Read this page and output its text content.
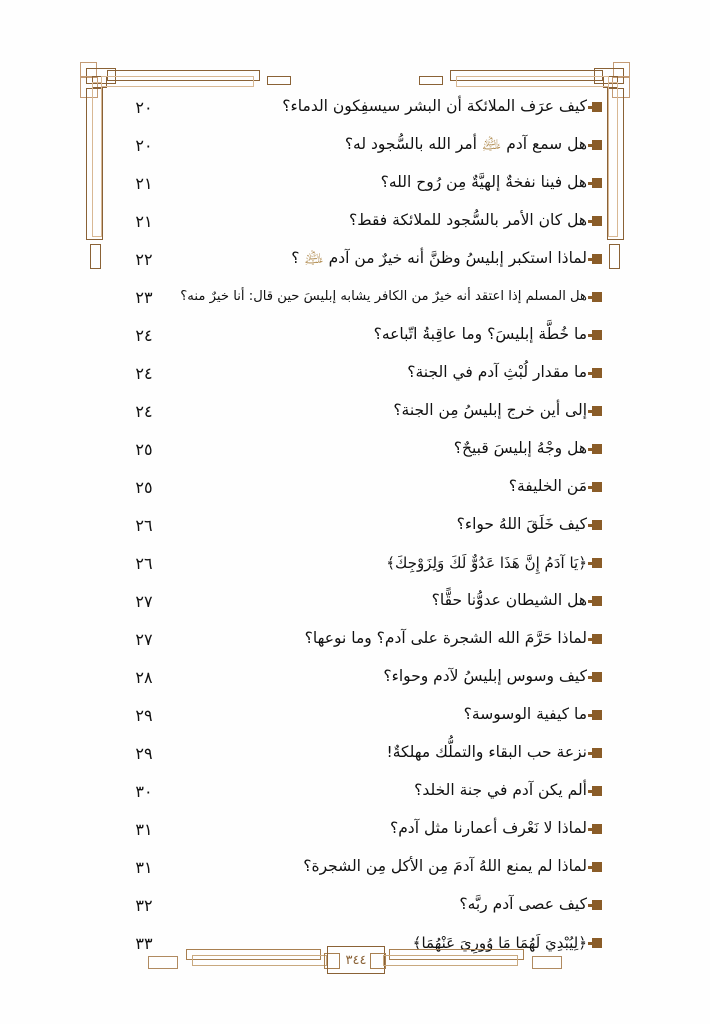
كيف عرَف الملائكة أن البشر سيسفِكون الدماء؟
٢٠
هل سمع آدم ﵇ أمر الله بالسُّجود له؟
٢٠
هل فينا نفخةٌ إلهيَّةٌ مِن رُوح الله؟
٢١
هل كان الأمر بالسُّجود للملائكة فقط؟
٢١
لماذا استكبر إبليسُ وظنَّ أنه خيرٌ من آدم ﵇ ؟
٢٢
هل المسلم إذا اعتقد أنه خيرٌ من الكافر يشابه إبليسَ حين قال: أنا خيرٌ منه؟
٢٣
ما خُطَّة إبليسَ؟ وما عاقِبةُ اتّباعه؟
٢٤
ما مقدار لُبْثِ آدم في الجنة؟
٢٤
إلى أين خرج إبليسُ مِن الجنة؟
٢٤
هل وجْهُ إبليسَ قبيحٌ؟
٢٥
مَن الخليفة؟
٢٥
كيف خَلَقَ اللهُ حواء؟
٢٦
﴿يَا آدَمُ إِنَّ هَذَا عَدُوٌّ لَكَ وَلِزَوْجِكَ﴾
٢٦
هل الشيطان عدوُّنا حقًّا؟
٢٧
لماذا حَرَّمَ الله الشجرة على آدم؟ وما نوعها؟
٢٧
كيف وسوس إبليسُ لآدم وحواء؟
٢٨
ما كيفية الوسوسة؟
٢٩
نزعة حب البقاء والتملُّك مهلكةٌ!
٢٩
ألم يكن آدم في جنة الخلد؟
٣٠
لماذا لا نَعْرف أعمارنا مثل آدم؟
٣١
لماذا لم يمنع اللهُ آدمَ مِن الأكل مِن الشجرة؟
٣١
كيف عصى آدم ربَّه؟
٣٢
﴿لِيُبْدِيَ لَهُمَا مَا وُورِيَ عَنْهُمَا﴾
٣٣
٣٤٤
